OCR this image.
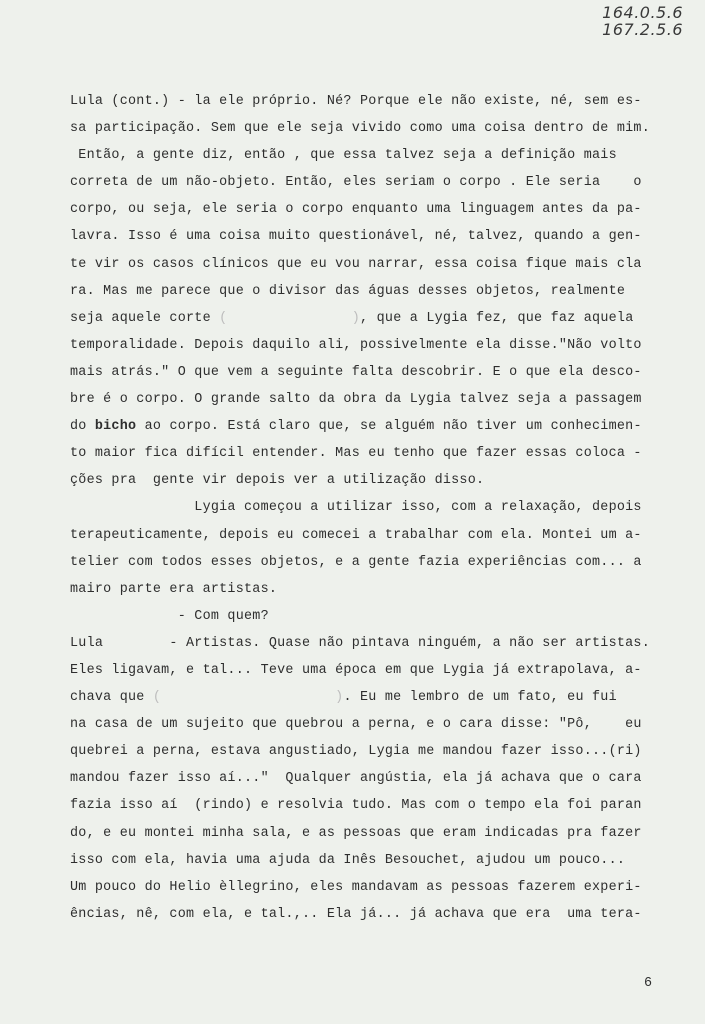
164.0.5.6
167.2.5.6
Lula (cont.) - la ele próprio. Né? Porque ele não existe, né, sem es-
sa participação. Sem que ele seja vivido como uma coisa dentro de mim.
Então, a gente diz, então , que essa talvez seja a definição mais
correta de um não-objeto. Então, eles seriam o corpo . Ele seria    o
corpo, ou seja, ele seria o corpo enquanto uma linguagem antes da pa-
lavra. Isso é uma coisa muito questionável, né, talvez, quando a gen-
te vir os casos clínicos que eu vou narrar, essa coisa fique mais cla
ra. Mas me parece que o divisor das águas desses objetos, realmente
seja aquele corte (	), que a Lygia fez, que faz aquela
temporalidade. Depois daquilo ali, possivelmente ela disse."Não volto
mais atrás." O que vem a seguinte falta descobrir. E o que ela desco-
bre é o corpo. O grande salto da obra da Lygia talvez seja a passagem
do bicho ao corpo. Está claro que, se alguém não tiver um conhecimen-
to maior fica difícil entender. Mas eu tenho que fazer essas coloca -
ções pra  gente vir depois ver a utilização disso.
Lygia começou a utilizar isso, com a relaxação, depois
terapeuticamente, depois eu comecei a trabalhar com ela. Montei um a-
telier com todos esses objetos, e a gente fazia experiências com... a
mairo parte era artistas.
- Com quem?
Lula        - Artistas. Quase não pintava ninguém, a não ser artistas.
Eles ligavam, e tal... Teve uma época em que Lygia já extrapolava, a-
chava que (	). Eu me lembro de um fato, eu fui
na casa de um sujeito que quebrou a perna, e o cara disse: "Pô,    eu
quebrei a perna, estava angustiado, Lygia me mandou fazer isso...(ri)
mandou fazer isso aí..."  Qualquer angústia, ela já achava que o cara
fazia isso aí  (rindo) e resolvia tudo. Mas com o tempo ela foi paran
do, e eu montei minha sala, e as pessoas que eram indicadas pra fazer
isso com ela, havia uma ajuda da Inês Besouchet, ajudou um pouco...
Um pouco do Helio èllegrino, eles mandavam as pessoas fazerem experi-
ências, nê, com ela, e tal.,.. Ela já... já achava que era  uma tera-
6
